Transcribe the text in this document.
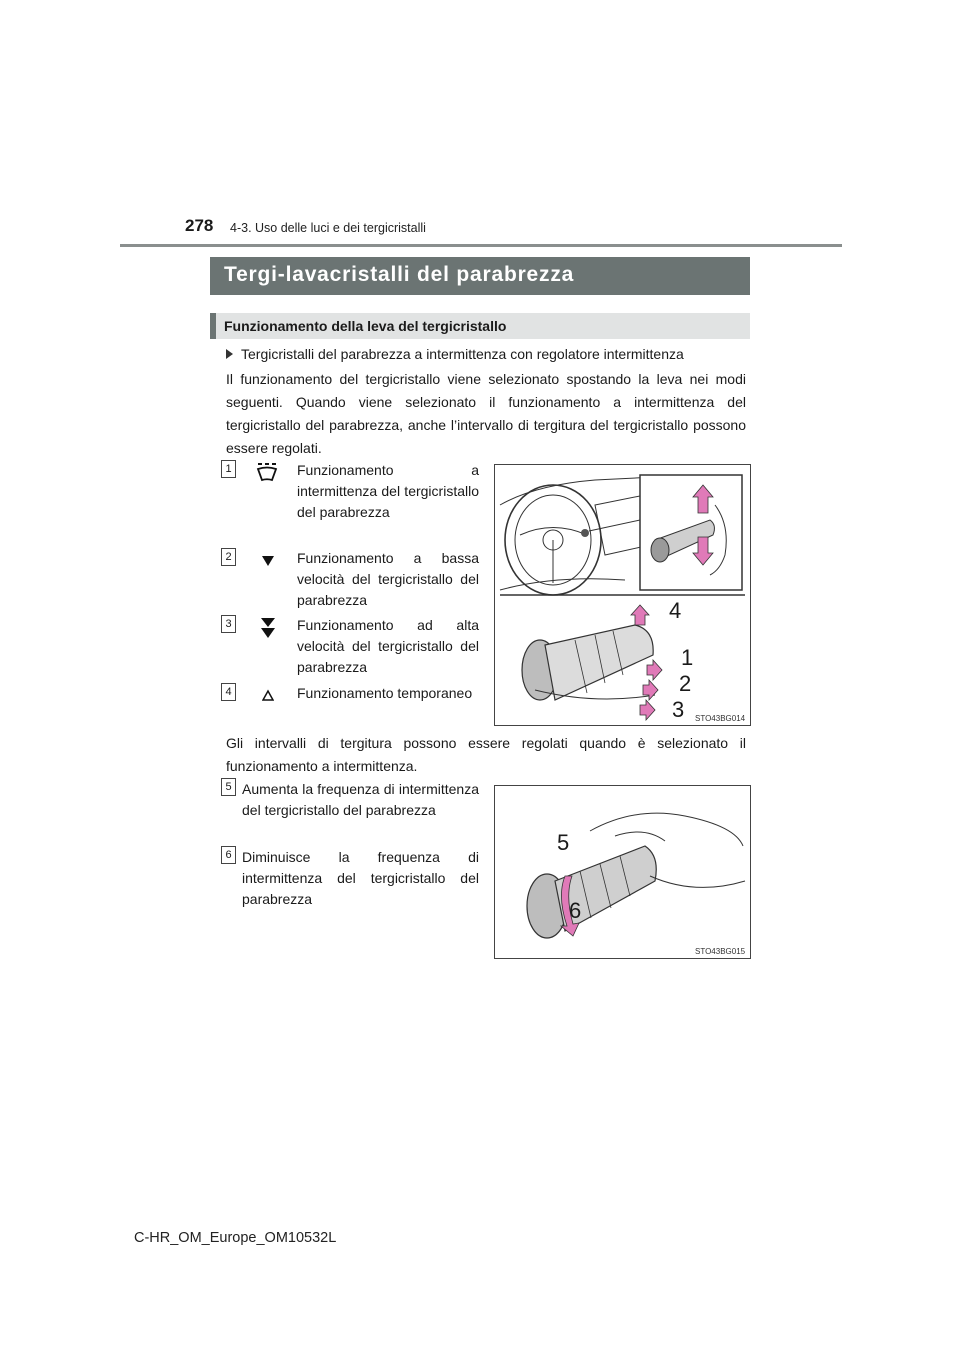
278 4-3. Uso delle luci e dei tergicristalli
Tergi-lavacristalli del parabrezza
Funzionamento della leva del tergicristallo
Tergicristalli del parabrezza a intermittenza con regolatore intermittenza
Il funzionamento del tergicristallo viene selezionato spostando la leva nei modi seguenti. Quando viene selezionato il funzionamento a intermittenza del tergicristallo del parabrezza, anche l’intervallo di tergitura del tergicristallo possono essere regolati.
1	Funzionamento a intermittenza del tergicristallo del parabrezza
2	Funzionamento a bassa velocità del tergicristallo del parabrezza
3	Funzionamento ad alta velocità del tergicristallo del parabrezza
4	Funzionamento temporaneo
4
1
2
3 STO43BG014
Gli intervalli di tergitura possono essere regolati quando è selezionato il funzionamento a intermittenza.
5 Aumenta la frequenza di intermittenza del tergicristallo del parabrezza
6 Diminuisce la frequenza di intermittenza del tergicristallo del parabrezza
5
6
STO43BG015
C-HR_OM_Europe_OM10532L
